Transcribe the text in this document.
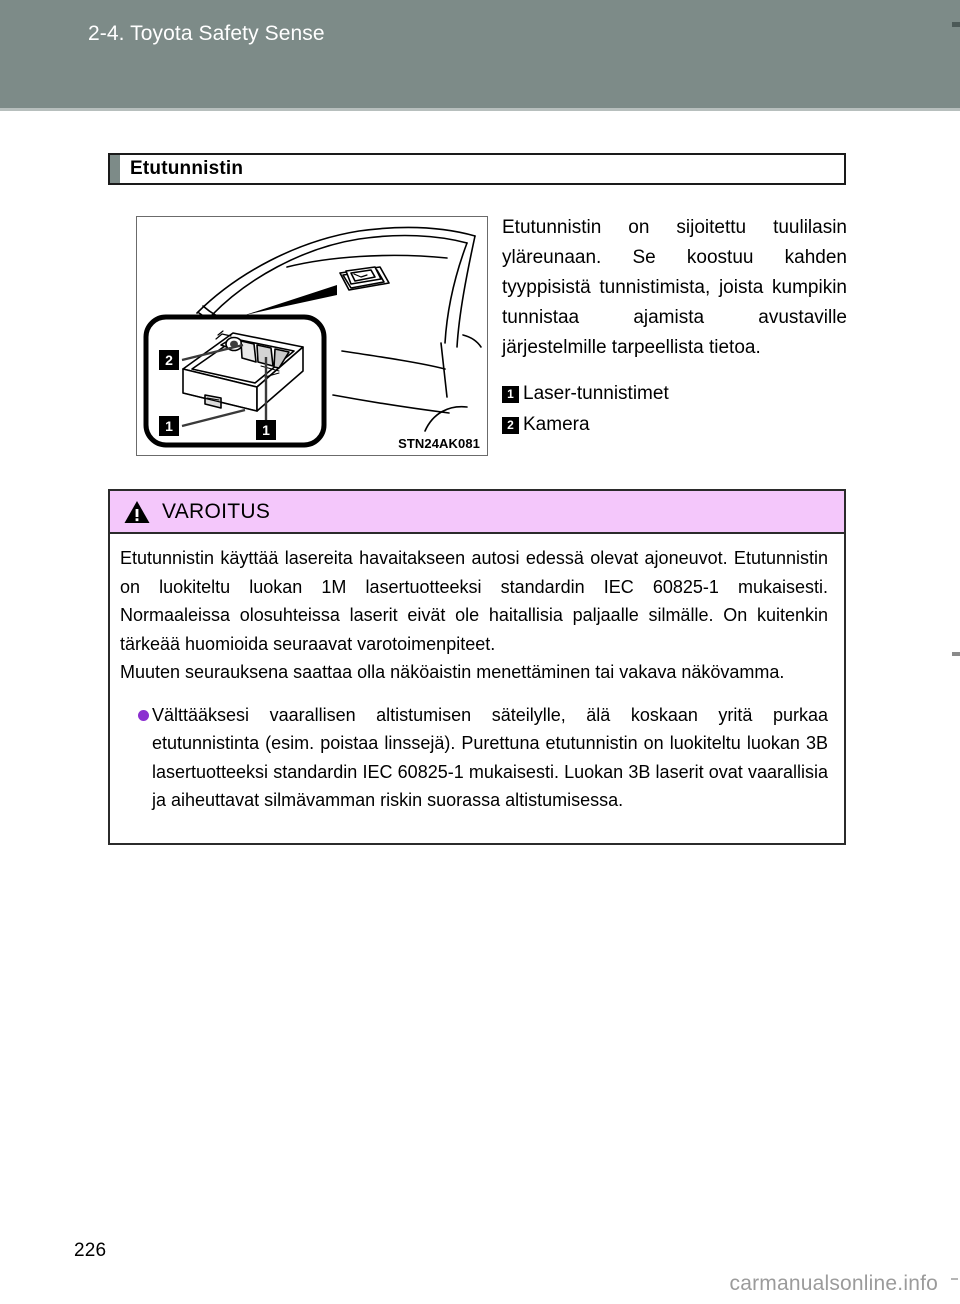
2-4. Toyota Safety Sense
Etutunnistin
2
1	1
STN24AK081

Etutunnistin on sijoitettu tuulilasin yläreunaan. Se koostuu kahden tyyppisistä tunnistimista, joista kumpikin tunnistaa ajamista avustaville järjestelmille tarpeellista tietoa.

1 Laser-tunnistimet
2 Kamera
VAROITUS

Etutunnistin käyttää lasereita havaitakseen autosi edessä olevat ajoneuvot. Etutunnistin on luokiteltu luokan 1M lasertuotteeksi standardin IEC 60825-1 mukaisesti. Normaaleissa olosuhteissa laserit eivät ole haitallisia paljaalle silmälle. On kuitenkin tärkeää huomioida seuraavat varotoimenpiteet.

Muuten seurauksena saattaa olla näköaistin menettäminen tai vakava näkövamma.

Välttääksesi vaarallisen altistumisen säteilylle, älä koskaan yritä purkaa etutunnistinta (esim. poistaa linssejä). Purettuna etutunnistin on luokiteltu luokan 3B lasertuotteeksi standardin IEC 60825-1 mukaisesti. Luokan 3B laserit ovat vaarallisia ja aiheuttavat silmävamman riskin suorassa altistumisessa.
226
carmanualsonline.info
